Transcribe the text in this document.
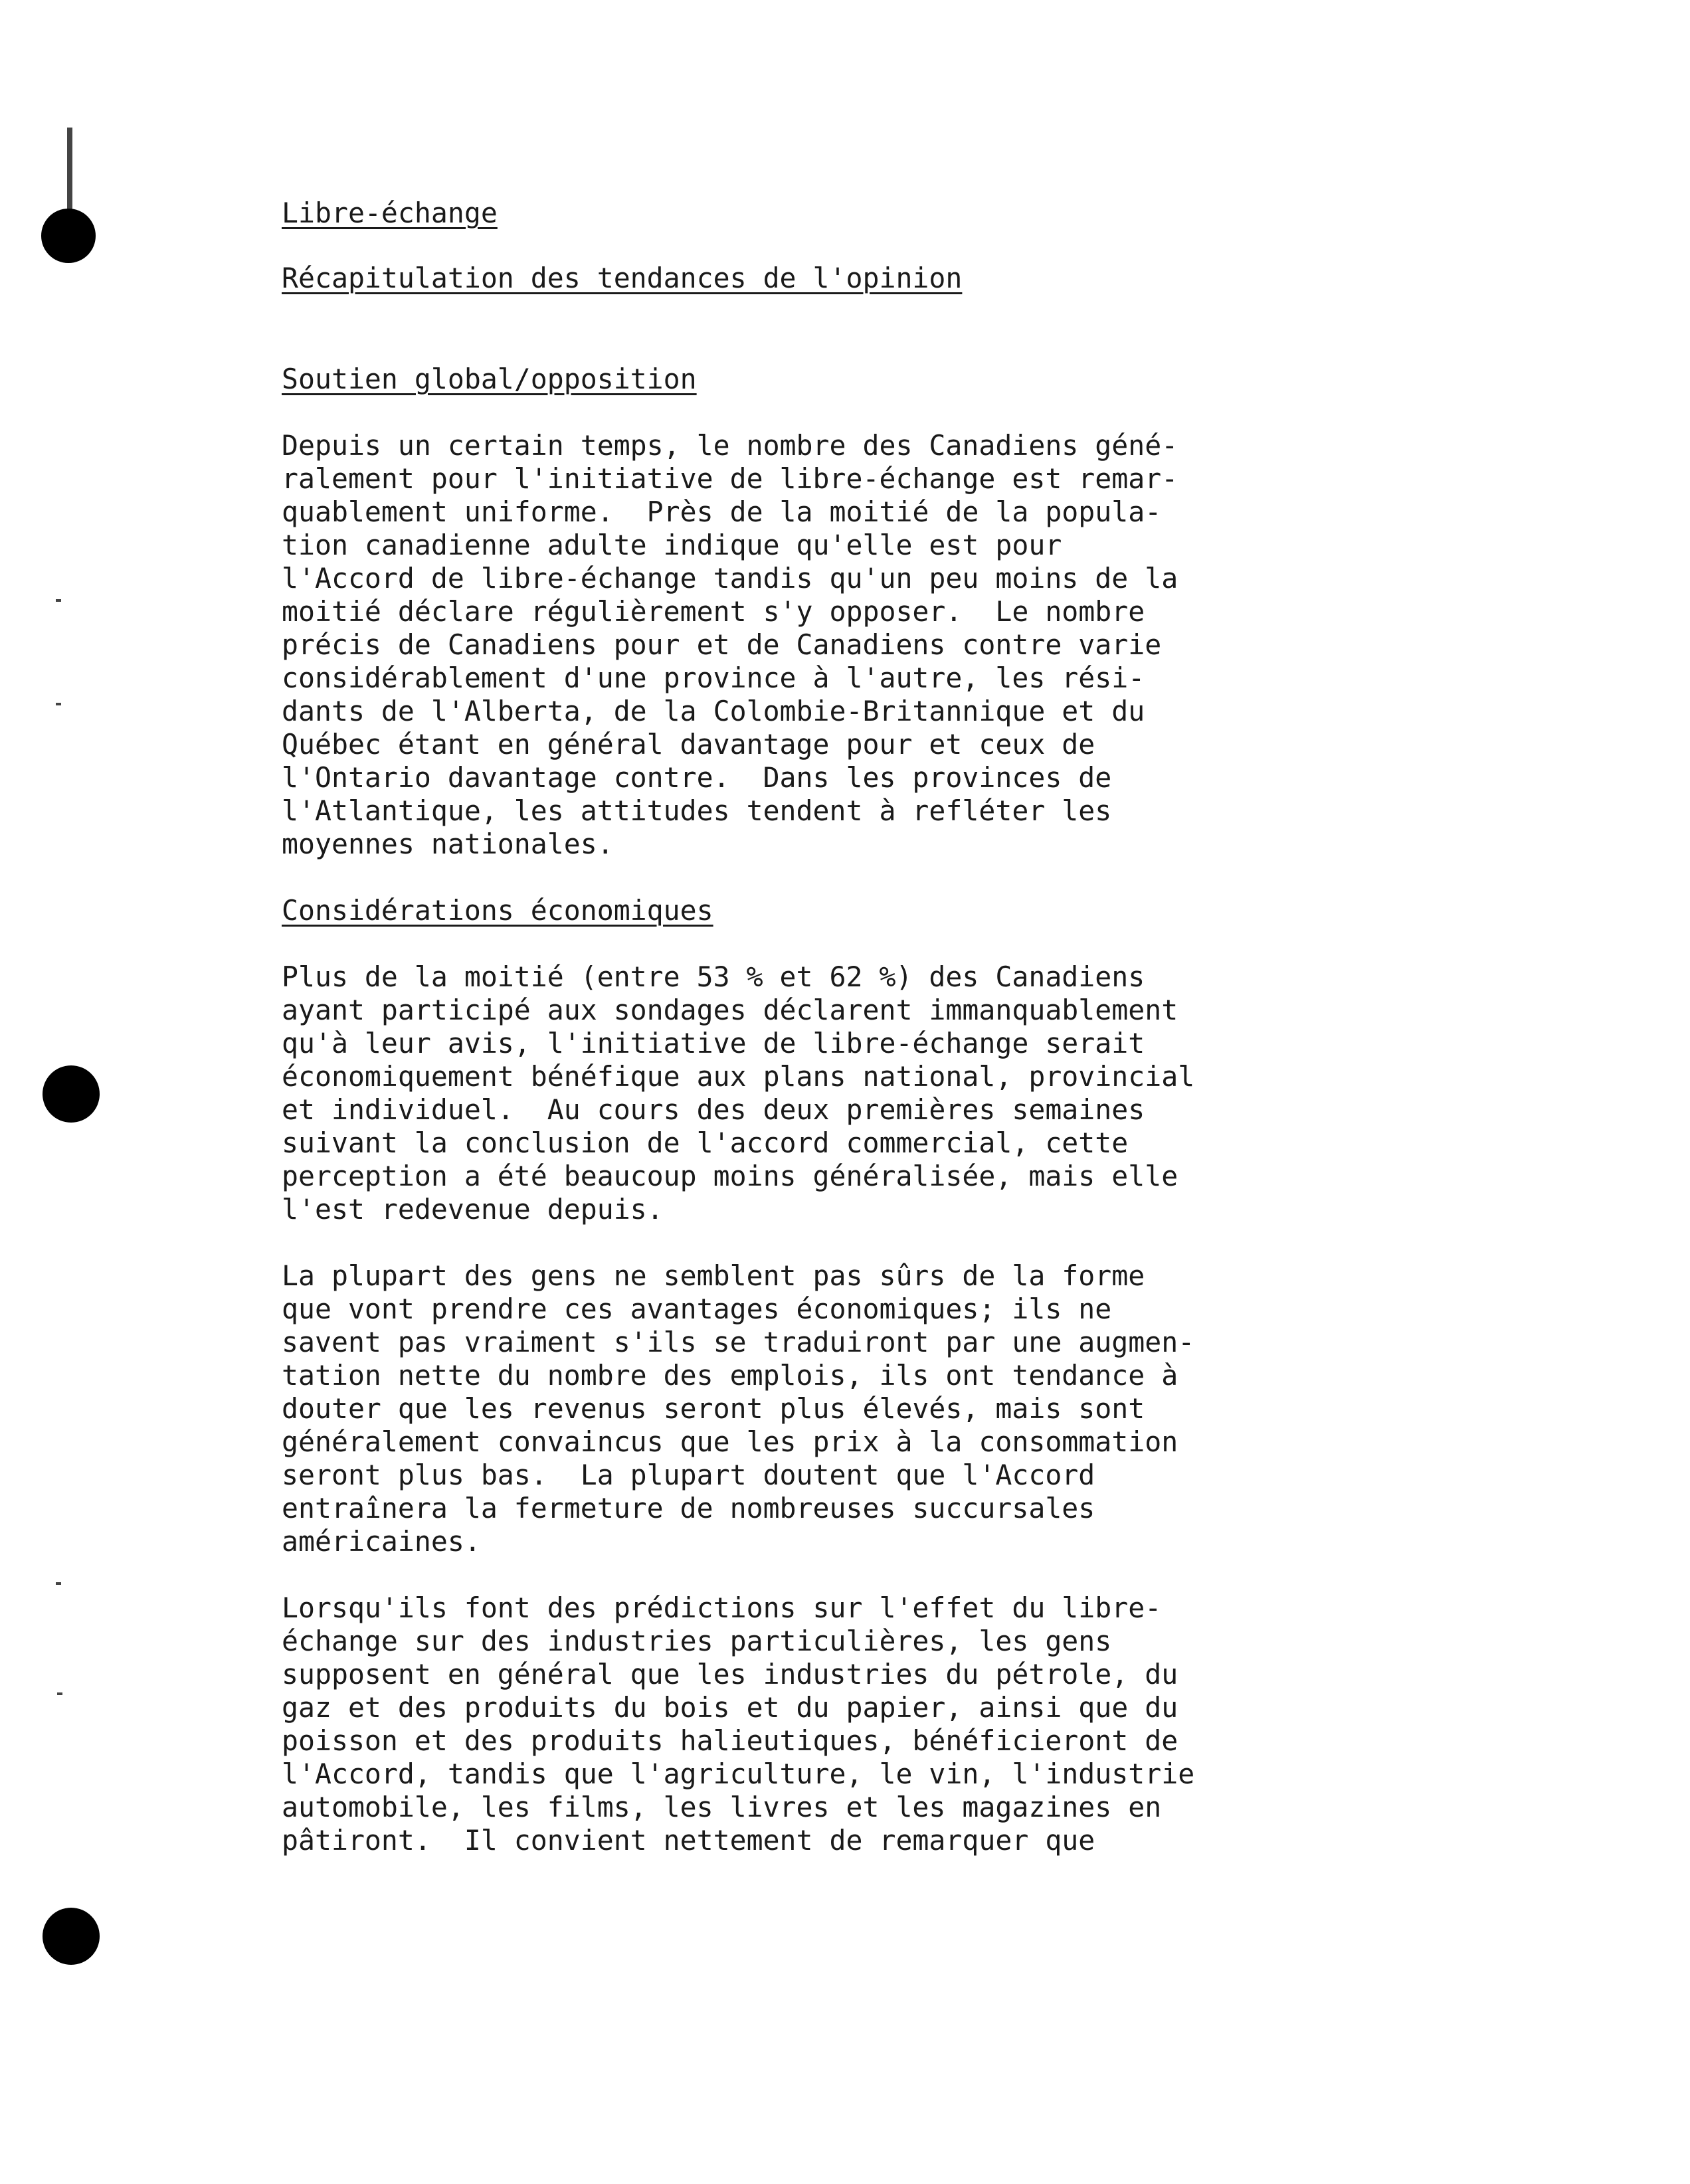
Libre-échange
Récapitulation des tendances de l'opinion
Soutien global/opposition

Depuis un certain temps, le nombre des Canadiens géné-
ralement pour l'initiative de libre-échange est remar-
quablement uniforme.  Près de la moitié de la popula-
tion canadienne adulte indique qu'elle est pour
l'Accord de libre-échange tandis qu'un peu moins de la
moitié déclare régulièrement s'y opposer.  Le nombre
précis de Canadiens pour et de Canadiens contre varie
considérablement d'une province à l'autre, les rési-
dants de l'Alberta, de la Colombie-Britannique et du
Québec étant en général davantage pour et ceux de
l'Ontario davantage contre.  Dans les provinces de
l'Atlantique, les attitudes tendent à refléter les
moyennes nationales.

Considérations économiques

Plus de la moitié (entre 53 % et 62 %) des Canadiens
ayant participé aux sondages déclarent immanquablement
qu'à leur avis, l'initiative de libre-échange serait
économiquement bénéfique aux plans national, provincial
et individuel.  Au cours des deux premières semaines
suivant la conclusion de l'accord commercial, cette
perception a été beaucoup moins généralisée, mais elle
l'est redevenue depuis.

La plupart des gens ne semblent pas sûrs de la forme
que vont prendre ces avantages économiques; ils ne
savent pas vraiment s'ils se traduiront par une augmen-
tation nette du nombre des emplois, ils ont tendance à
douter que les revenus seront plus élevés, mais sont
généralement convaincus que les prix à la consommation
seront plus bas.  La plupart doutent que l'Accord
entraînera la fermeture de nombreuses succursales
américaines.

Lorsqu'ils font des prédictions sur l'effet du libre-
échange sur des industries particulières, les gens
supposent en général que les industries du pétrole, du
gaz et des produits du bois et du papier, ainsi que du
poisson et des produits halieutiques, bénéficieront de
l'Accord, tandis que l'agriculture, le vin, l'industrie
automobile, les films, les livres et les magazines en
pâtiront.  Il convient nettement de remarquer que
